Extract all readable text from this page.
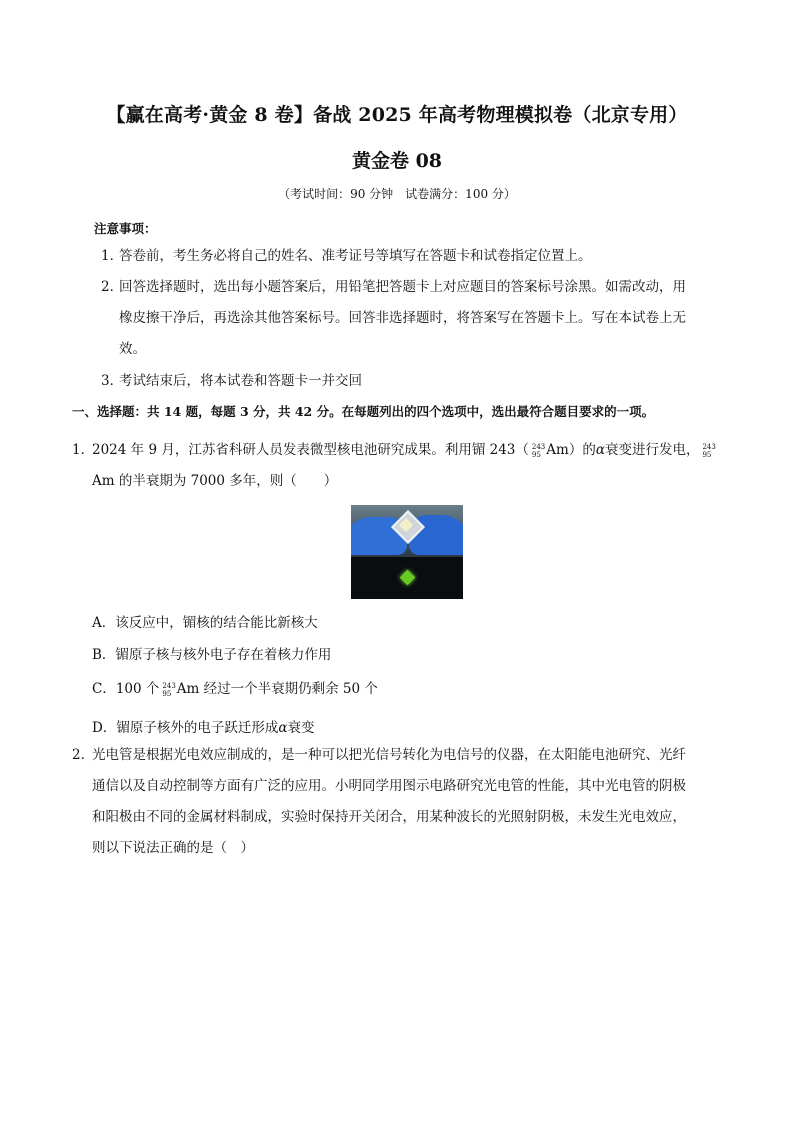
【赢在高考·黄金 8 卷】备战 2025 年高考物理模拟卷（北京专用）
黄金卷 08
（考试时间：90 分钟　试卷满分：100 分）
注意事项：
1．答卷前，考生务必将自己的姓名、准考证号等填写在答题卡和试卷指定位置上。
2．回答选择题时，选出每小题答案后，用铅笔把答题卡上对应题目的答案标号涂黑。如需改动，用
橡皮擦干净后，再选涂其他答案标号。回答非选择题时，将答案写在答题卡上。写在本试卷上无
效。
3．考试结束后，将本试卷和答题卡一并交回
一、选择题：共 14 题，每题 3 分，共 42 分。在每题列出的四个选项中，选出最符合题目要求的一项。
1．2024 年 9 月，江苏省科研人员发表微型核电池研究成果。利用镅 243（ 243
95 Am）的α衰变进行发电， 243
95
Am 的半衰期为 7000 多年，则（　　）
A．该反应中，镅核的结合能比新核大
B．镅原子核与核外电子存在着核力作用
C．100 个 243
95 Am 经过一个半衰期仍剩余 50 个
D．镅原子核外的电子跃迁形成α衰变
2．光电管是根据光电效应制成的，是一种可以把光信号转化为电信号的仪器，在太阳能电池研究、光纤
通信以及自动控制等方面有广泛的应用。小明同学用图示电路研究光电管的性能，其中光电管的阴极
和阳极由不同的金属材料制成，实验时保持开关闭合，用某种波长的光照射阴极，未发生光电效应，
则以下说法正确的是（　）
